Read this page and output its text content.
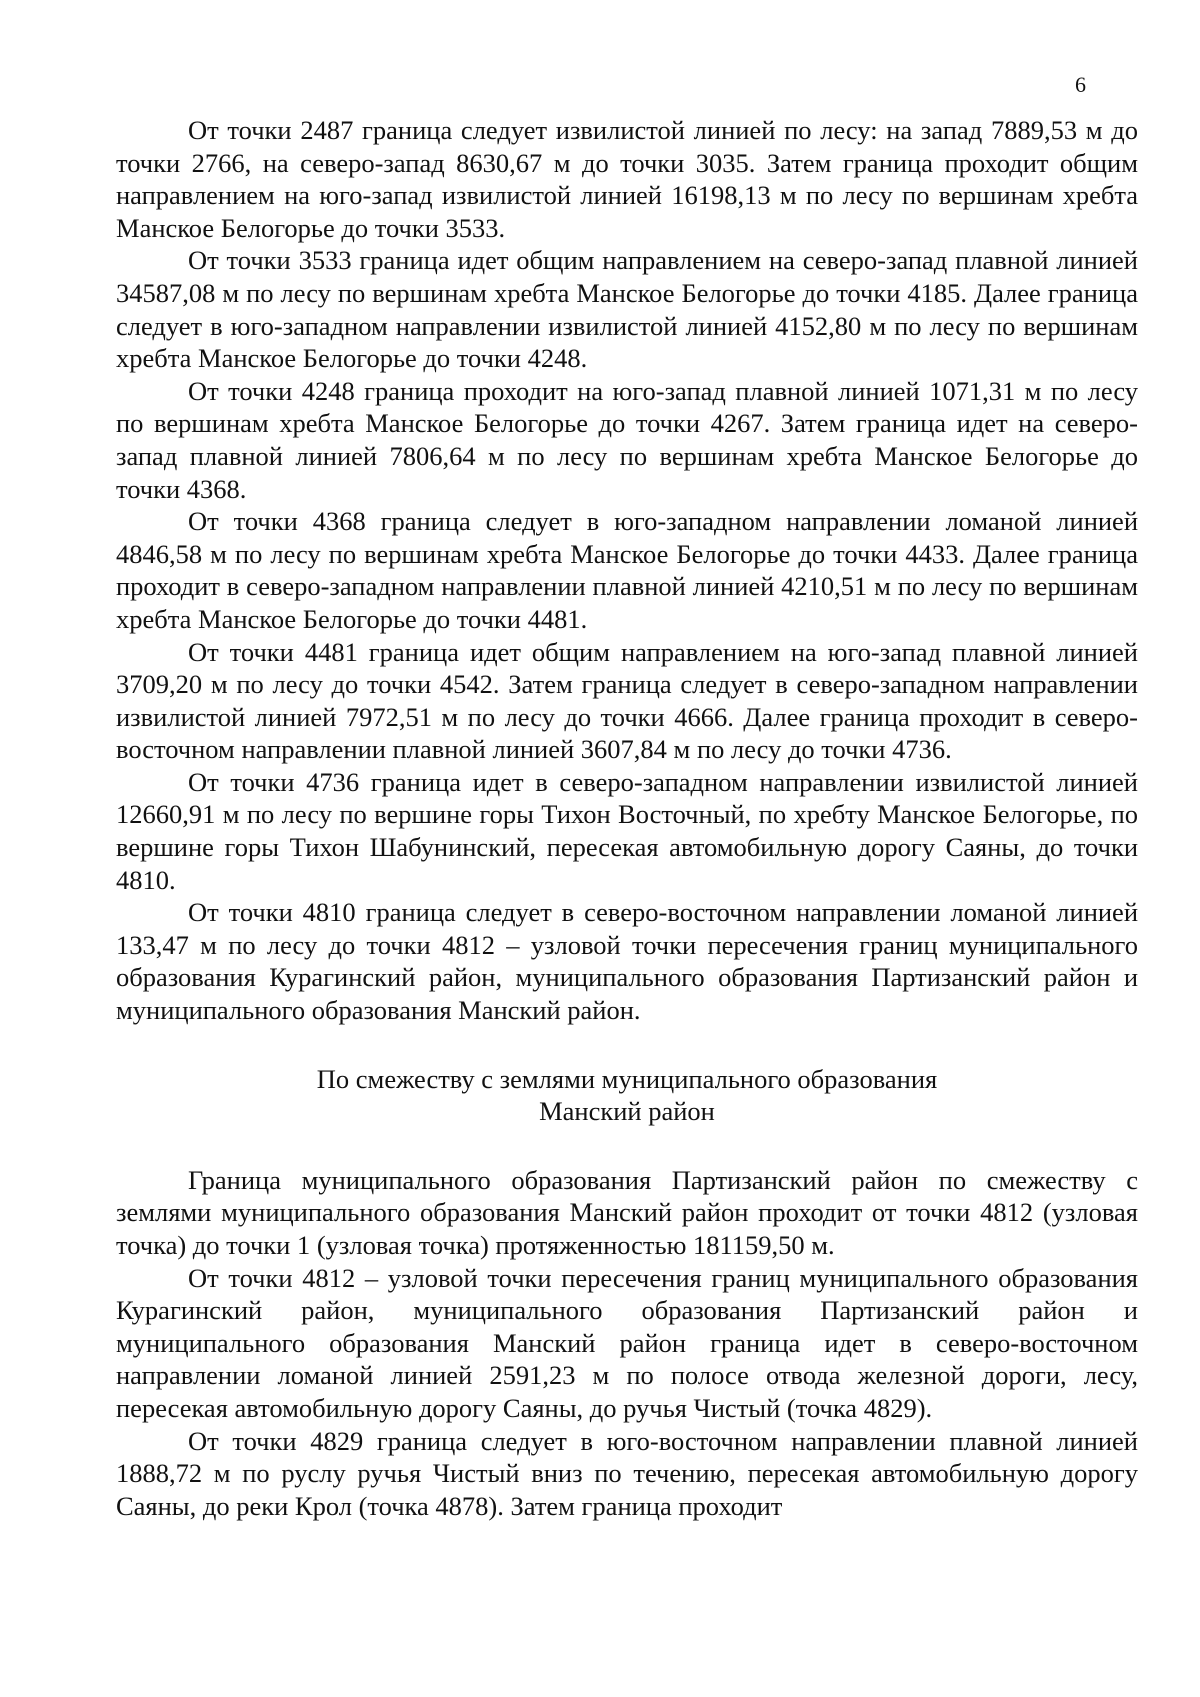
6

От точки 2487 граница следует извилистой линией по лесу: на запад 7889,53 м до точки 2766, на северо-запад 8630,67 м до точки 3035. Затем граница проходит общим направлением на юго-запад извилистой линией 16198,13 м по лесу по вершинам хребта Манское Белогорье до точки 3533.

От точки 3533 граница идет общим направлением на северо-запад плавной линией 34587,08 м по лесу по вершинам хребта Манское Белогорье до точки 4185. Далее граница следует в юго-западном направлении извилистой линией 4152,80 м по лесу по вершинам хребта Манское Белогорье до точки 4248.

От точки 4248 граница проходит на юго-запад плавной линией 1071,31 м по лесу по вершинам хребта Манское Белогорье до точки 4267. Затем граница идет на северо-запад плавной линией 7806,64 м по лесу по вершинам хребта Манское Белогорье до точки 4368.

От точки 4368 граница следует в юго-западном направлении ломаной линией 4846,58 м по лесу по вершинам хребта Манское Белогорье до точки 4433. Далее граница проходит в северо-западном направлении плавной линией 4210,51 м по лесу по вершинам хребта Манское Белогорье до точки 4481.

От точки 4481 граница идет общим направлением на юго-запад плавной линией 3709,20 м по лесу до точки 4542. Затем граница следует в северо-западном направлении извилистой линией 7972,51 м по лесу до точки 4666. Далее граница проходит в северо-восточном направлении плавной линией 3607,84 м по лесу до точки 4736.

От точки 4736 граница идет в северо-западном направлении извилистой линией 12660,91 м по лесу по вершине горы Тихон Восточный, по хребту Манское Белогорье, по вершине горы Тихон Шабунинский, пересекая автомобильную дорогу Саяны, до точки 4810.

От точки 4810 граница следует в северо-восточном направлении ломаной линией 133,47 м по лесу до точки 4812 – узловой точки пересечения границ муниципального образования Курагинский район, муниципального образования Партизанский район и муниципального образования Манский район.

По смежеству с землями муниципального образования
Манский район

Граница муниципального образования Партизанский район по смежеству с землями муниципального образования Манский район проходит от точки 4812 (узловая точка) до точки 1 (узловая точка) протяженностью 181159,50 м.

От точки 4812 – узловой точки пересечения границ муниципального образования Курагинский район, муниципального образования Партизанский район и муниципального образования Манский район граница идет в северо-восточном направлении ломаной линией 2591,23 м по полосе отвода железной дороги, лесу, пересекая автомобильную дорогу Саяны, до ручья Чистый (точка 4829).

От точки 4829 граница следует в юго-восточном направлении плавной линией 1888,72 м по руслу ручья Чистый вниз по течению, пересекая автомобильную дорогу Саяны, до реки Крол (точка 4878). Затем граница проходит
